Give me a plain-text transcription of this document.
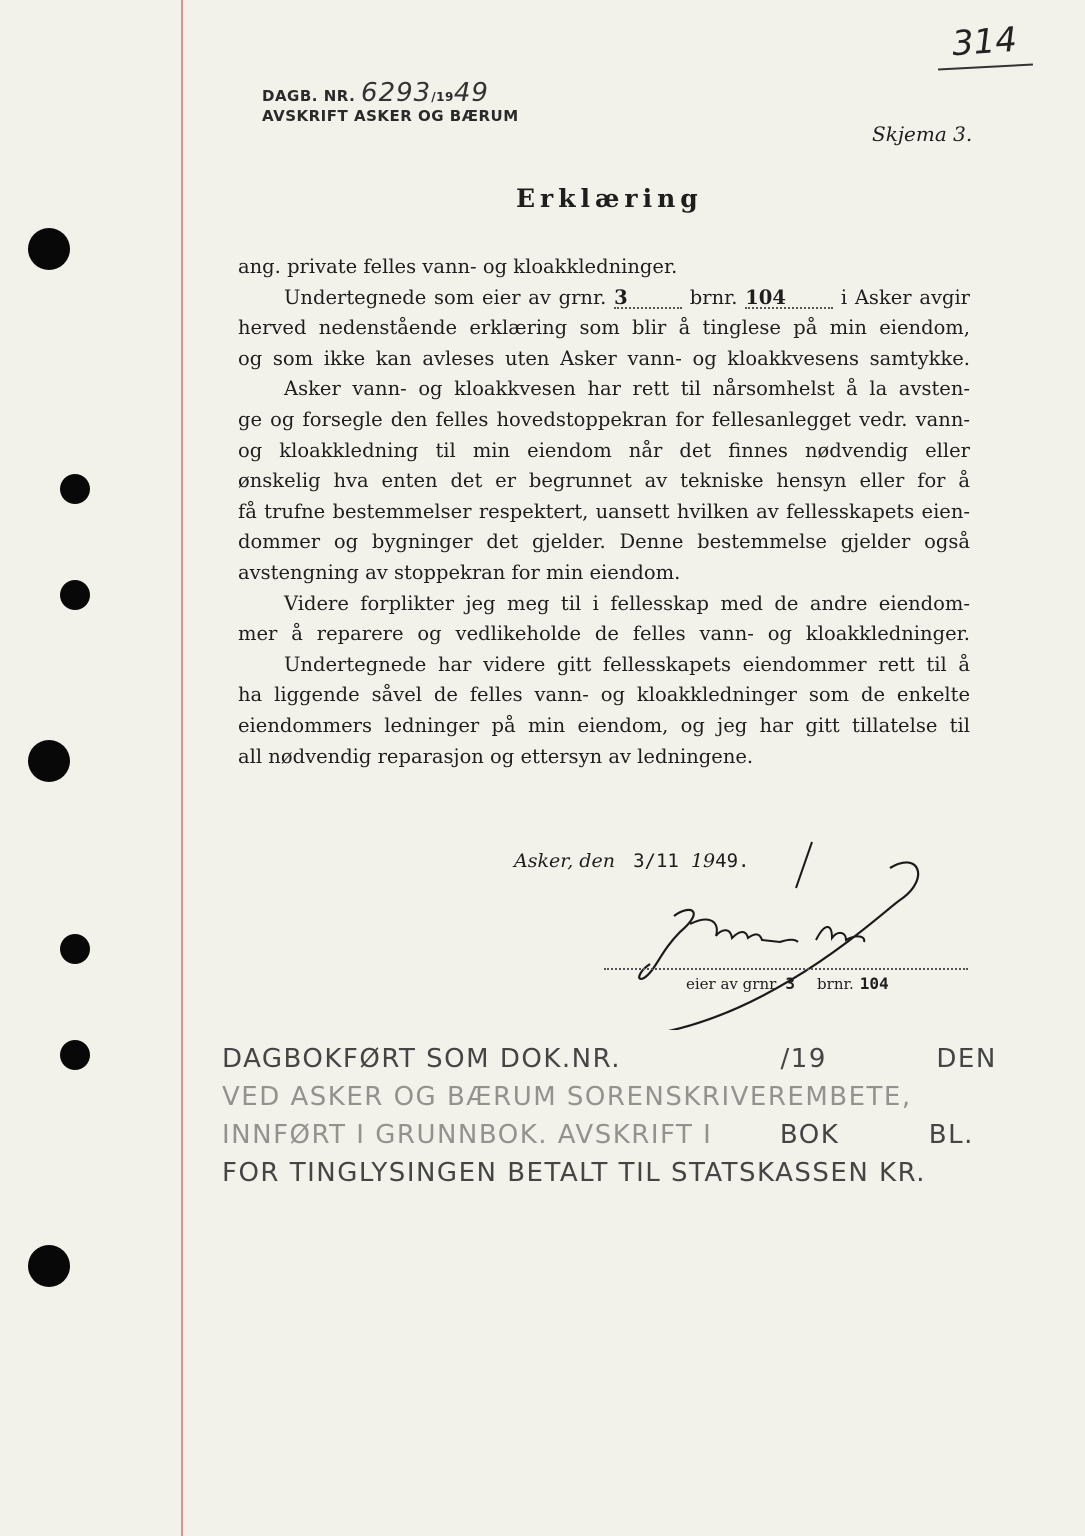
314
DAGB. NR. 6293/1949
AVSKRIFT ASKER OG BÆRUM
Skjema 3.
Erklæring
ang. private felles vann- og kloakkledninger.
Undertegnede som eier av grnr. 3	brnr. 104	i Asker avgir
herved nedenstående erklæring som blir å tinglese på min eiendom,
og som ikke kan avleses uten Asker vann- og kloakkvesens samtykke.
Asker vann- og kloakkvesen har rett til nårsomhelst å la avsten-
ge og forsegle den felles hovedstoppekran for fellesanlegget vedr. vann-
og kloakkledning til min eiendom når det finnes nødvendig eller
ønskelig hva enten det er begrunnet av tekniske hensyn eller for å
få trufne bestemmelser respektert, uansett hvilken av fellesskapets eien-
dommer og bygninger det gjelder. Denne bestemmelse gjelder også
avstengning av stoppekran for min eiendom.
Videre forplikter jeg meg til i fellesskap med de andre eiendom-
mer å reparere og vedlikeholde de felles vann- og kloakkledninger.
Undertegnede har videre gitt fellesskapets eiendommer rett til å
ha liggende såvel de felles vann- og kloakkledninger som de enkelte
eiendommers ledninger på min eiendom, og jeg har gitt tillatelse til
all nødvendig reparasjon og ettersyn av ledningene.
Asker, den 3/11 1949.
eier av grnr. 3 brnr. 104
DAGBOKFØRT SOM DOK.NR.	/19	DEN
VED ASKER OG BÆRUM SORENSKRIVEREMBETE,
INNFØRT I GRUNNBOK. AVSKRIFT I	BOK	BL.
FOR TINGLYSINGEN BETALT TIL STATSKASSEN KR.
